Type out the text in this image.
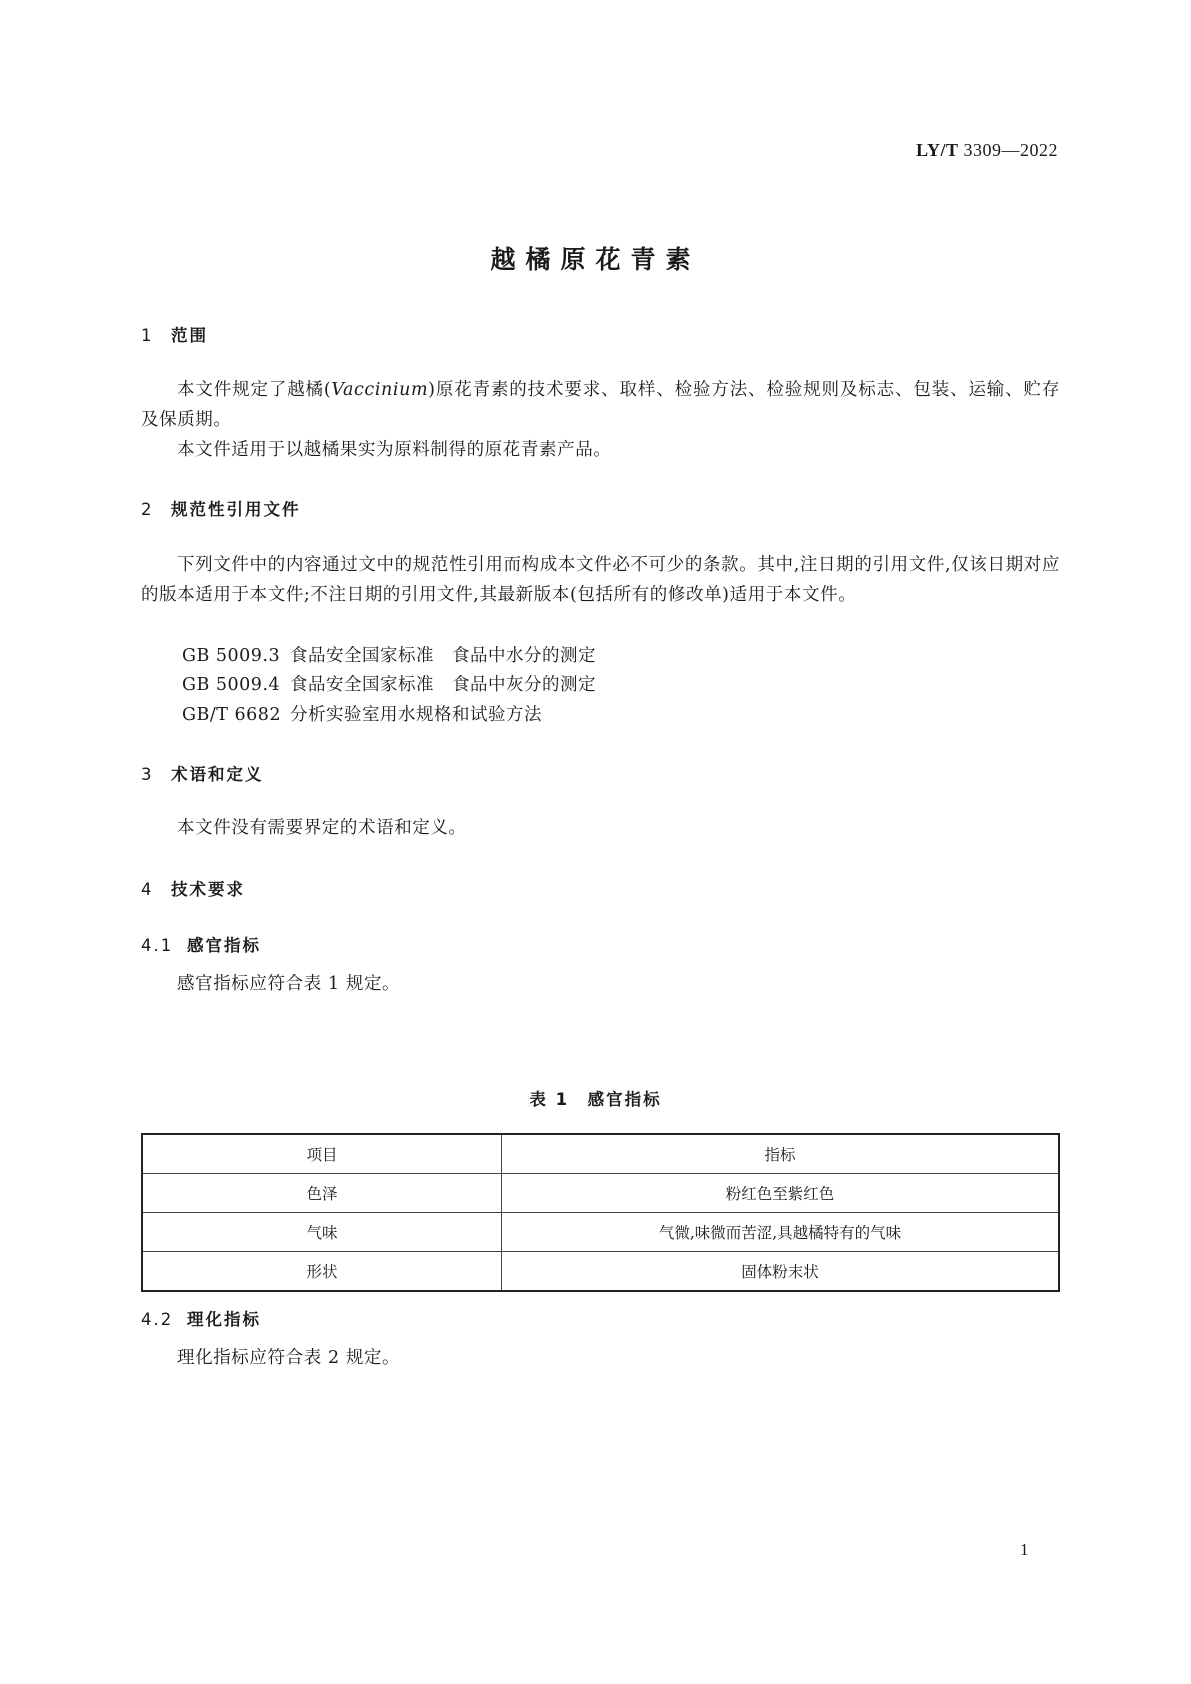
LY/T 3309—2022
越橘原花青素
1 范围
本文件规定了越橘(Vaccinium)原花青素的技术要求、取样、检验方法、检验规则及标志、包装、运输、贮存及保质期。
本文件适用于以越橘果实为原料制得的原花青素产品。
2 规范性引用文件
下列文件中的内容通过文中的规范性引用而构成本文件必不可少的条款。其中,注日期的引用文件,仅该日期对应的版本适用于本文件;不注日期的引用文件,其最新版本(包括所有的修改单)适用于本文件。
GB 5009.3 食品安全国家标准　食品中水分的测定
GB 5009.4 食品安全国家标准　食品中灰分的测定
GB/T 6682 分析实验室用水规格和试验方法
3 术语和定义
本文件没有需要界定的术语和定义。
4 技术要求
4.1 感官指标
感官指标应符合表 1 规定。
表 1　感官指标
项目	指标
色泽	粉红色至紫红色
气味	气微,味微而苦涩,具越橘特有的气味
形状	固体粉末状
4.2 理化指标
理化指标应符合表 2 规定。
1
